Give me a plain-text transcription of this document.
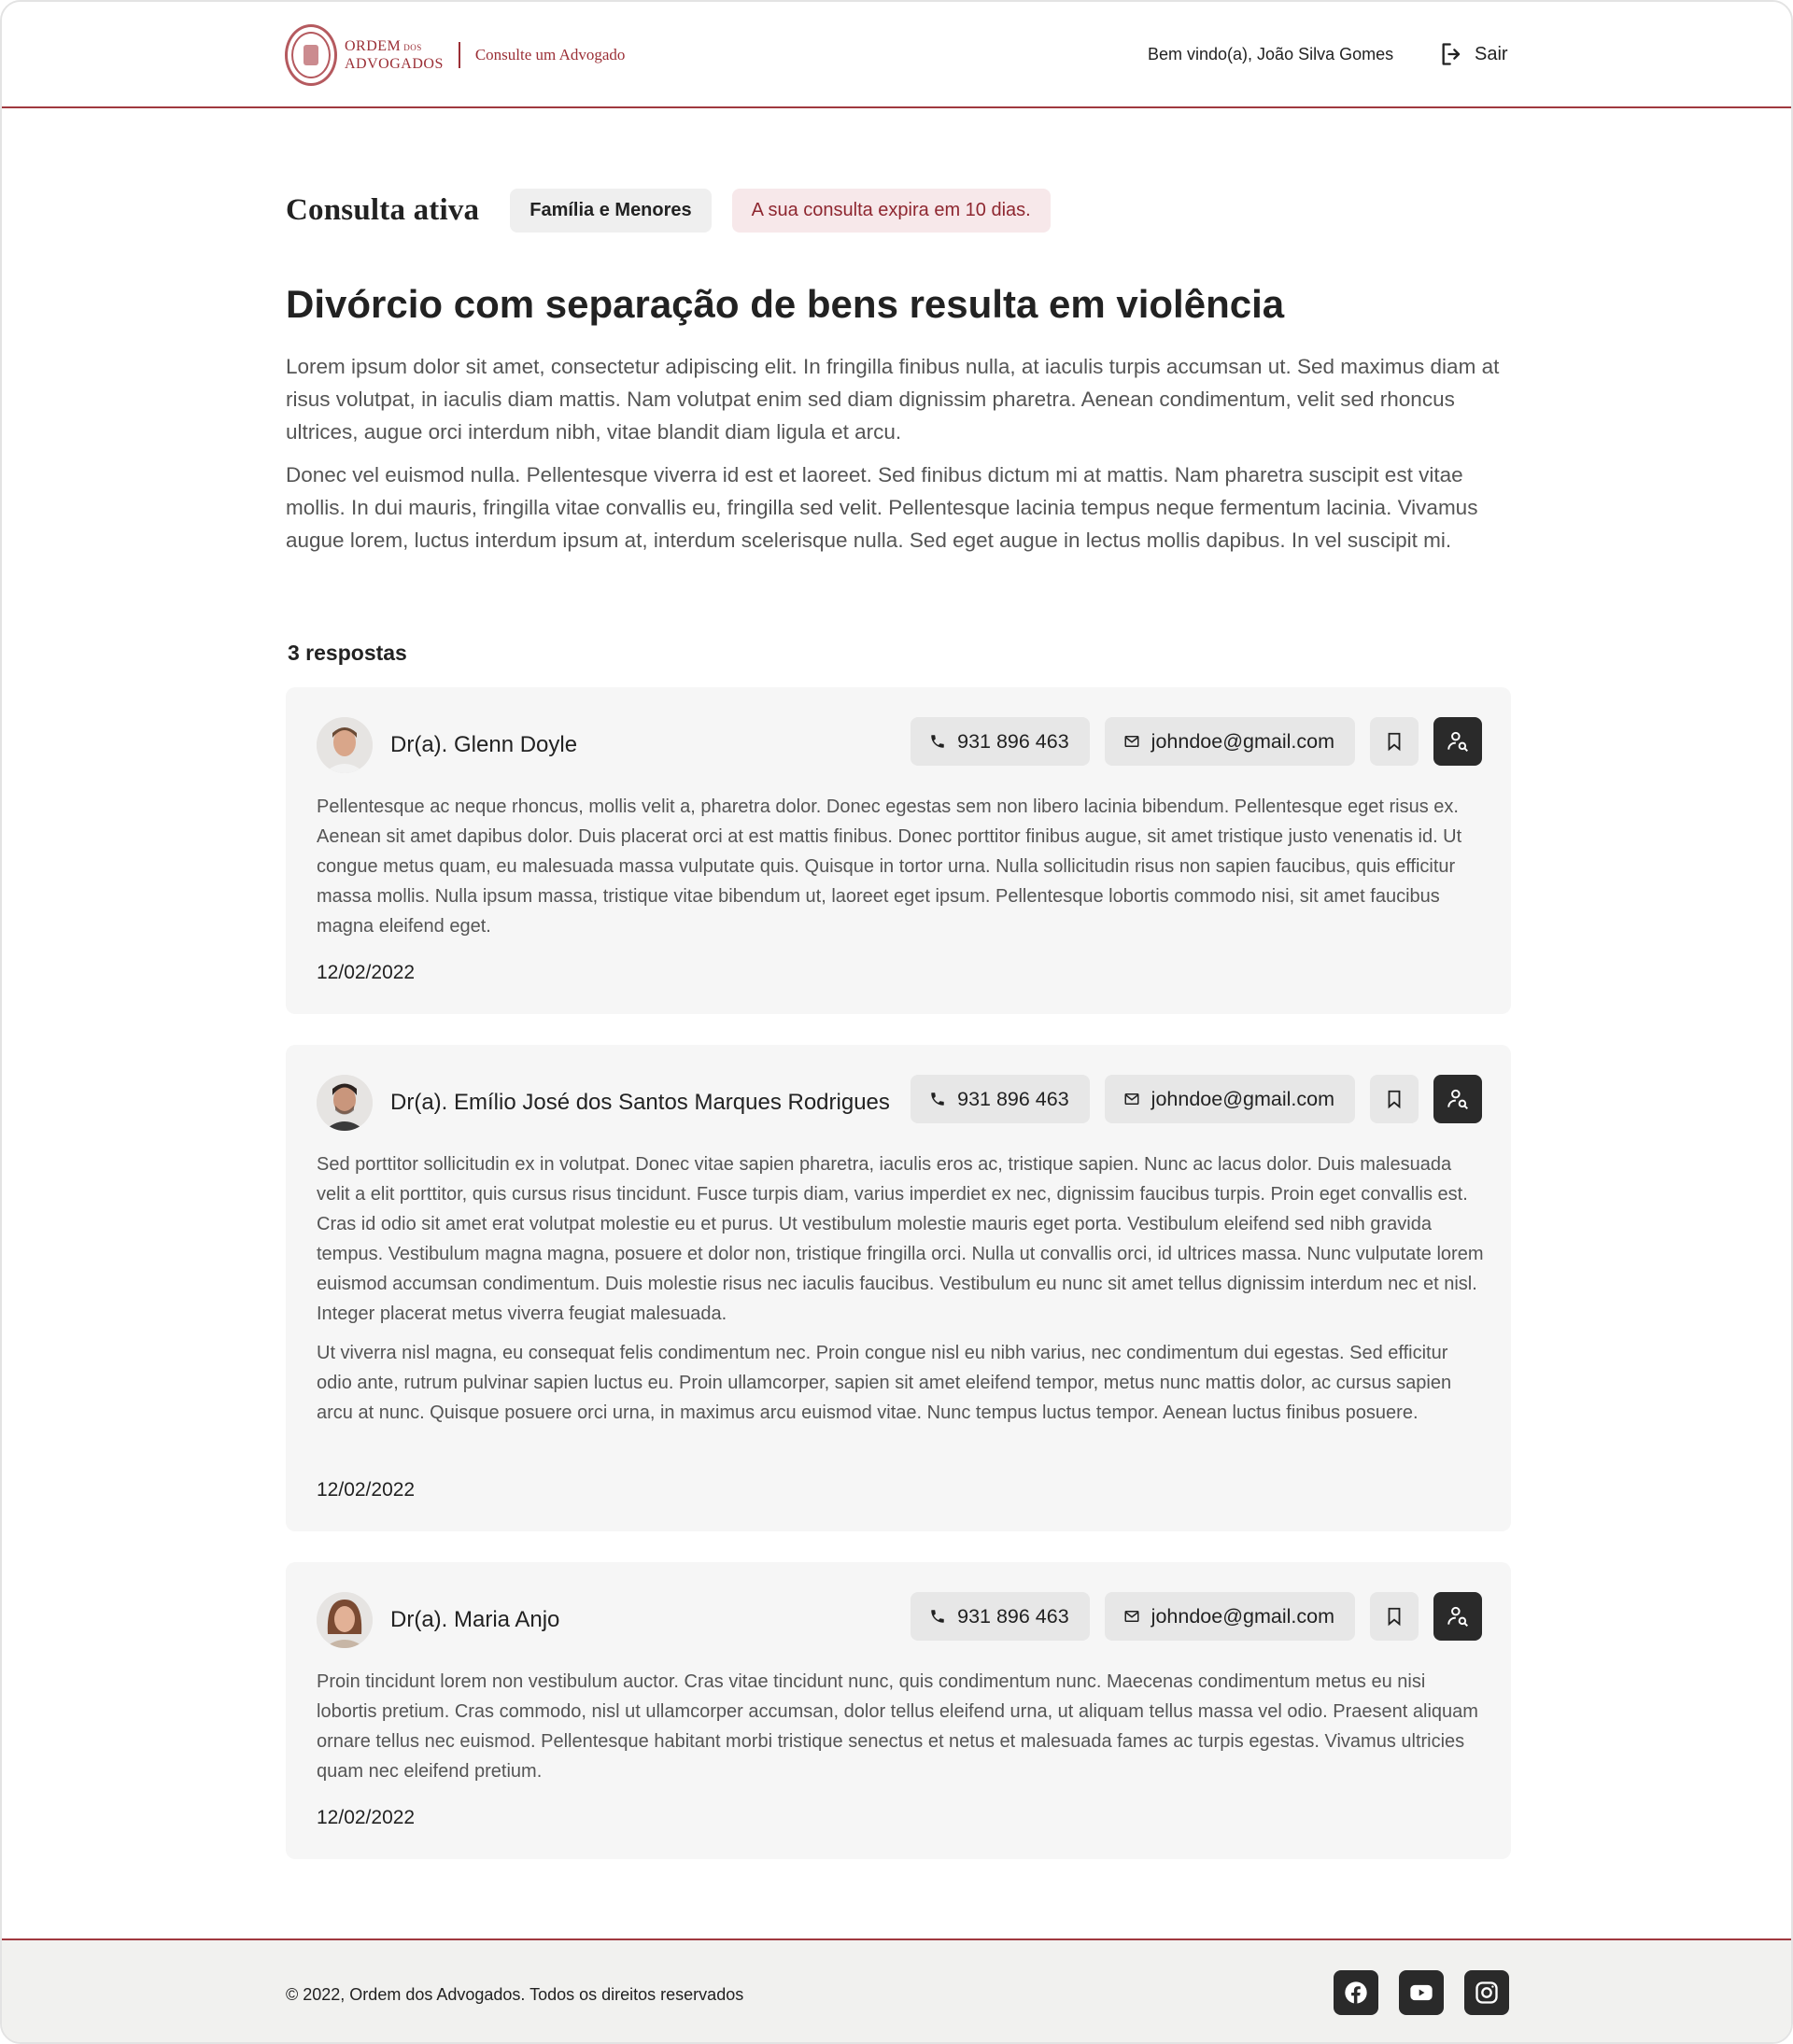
ORDEM DOS
ADVOGADOS
Consulte um Advogado	Bem vindo(a), João Silva Gomes	Sair
Consulta ativa	Família e Menores	A sua consulta expira em 10 dias.
Divórcio com separação de bens resulta em violência

Lorem ipsum dolor sit amet, consectetur adipiscing elit. In fringilla finibus nulla, at iaculis turpis accumsan ut. Sed maximus diam at risus volutpat, in iaculis diam mattis. Nam volutpat enim sed diam dignissim pharetra. Aenean condimentum, velit sed rhoncus ultrices, augue orci interdum nibh, vitae blandit diam ligula et arcu.

Donec vel euismod nulla. Pellentesque viverra id est et laoreet. Sed finibus dictum mi at mattis. Nam pharetra suscipit est vitae mollis. In dui mauris, fringilla vitae convallis eu, fringilla sed velit. Pellentesque lacinia tempus neque fermentum lacinia. Vivamus augue lorem, luctus interdum ipsum at, interdum scelerisque nulla. Sed eget augue in lectus mollis dapibus. In vel suscipit mi.

3 respostas
Dr(a). Glenn Doyle	931 896 463	johndoe@gmail.com

Pellentesque ac neque rhoncus, mollis velit a, pharetra dolor. Donec egestas sem non libero lacinia bibendum. Pellentesque eget risus ex. Aenean sit amet dapibus dolor. Duis placerat orci at est mattis finibus. Donec porttitor finibus augue, sit amet tristique justo venenatis id. Ut congue metus quam, eu malesuada massa vulputate quis. Quisque in tortor urna. Nulla sollicitudin risus non sapien faucibus, quis efficitur massa mollis. Nulla ipsum massa, tristique vitae bibendum ut, laoreet eget ipsum. Pellentesque lobortis commodo nisi, sit amet faucibus magna eleifend eget.

12/02/2022
Dr(a). Emílio José dos Santos Marques Rodrigues	931 896 463	johndoe@gmail.com

Sed porttitor sollicitudin ex in volutpat. Donec vitae sapien pharetra, iaculis eros ac, tristique sapien. Nunc ac lacus dolor. Duis malesuada velit a elit porttitor, quis cursus risus tincidunt. Fusce turpis diam, varius imperdiet ex nec, dignissim faucibus turpis. Proin eget convallis est. Cras id odio sit amet erat volutpat molestie eu et purus. Ut vestibulum molestie mauris eget porta. Vestibulum eleifend sed nibh gravida tempus. Vestibulum magna magna, posuere et dolor non, tristique fringilla orci. Nulla ut convallis orci, id ultrices massa. Nunc vulputate lorem euismod accumsan condimentum. Duis molestie risus nec iaculis faucibus. Vestibulum eu nunc sit amet tellus dignissim interdum nec et nisl. Integer placerat metus viverra feugiat malesuada.

Ut viverra nisl magna, eu consequat felis condimentum nec. Proin congue nisl eu nibh varius, nec condimentum dui egestas. Sed efficitur odio ante, rutrum pulvinar sapien luctus eu. Proin ullamcorper, sapien sit amet eleifend tempor, metus nunc mattis dolor, ac cursus sapien arcu at nunc. Quisque posuere orci urna, in maximus arcu euismod vitae. Nunc tempus luctus tempor. Aenean luctus finibus posuere.

12/02/2022
Dr(a). Maria Anjo	931 896 463	johndoe@gmail.com

Proin tincidunt lorem non vestibulum auctor. Cras vitae tincidunt nunc, quis condimentum nunc. Maecenas condimentum metus eu nisi lobortis pretium. Cras commodo, nisl ut ullamcorper accumsan, dolor tellus eleifend urna, ut aliquam tellus massa vel odio. Praesent aliquam ornare tellus nec euismod. Pellentesque habitant morbi tristique senectus et netus et malesuada fames ac turpis egestas. Vivamus ultricies quam nec eleifend pretium.

12/02/2022
© 2022, Ordem dos Advogados. Todos os direitos reservados
